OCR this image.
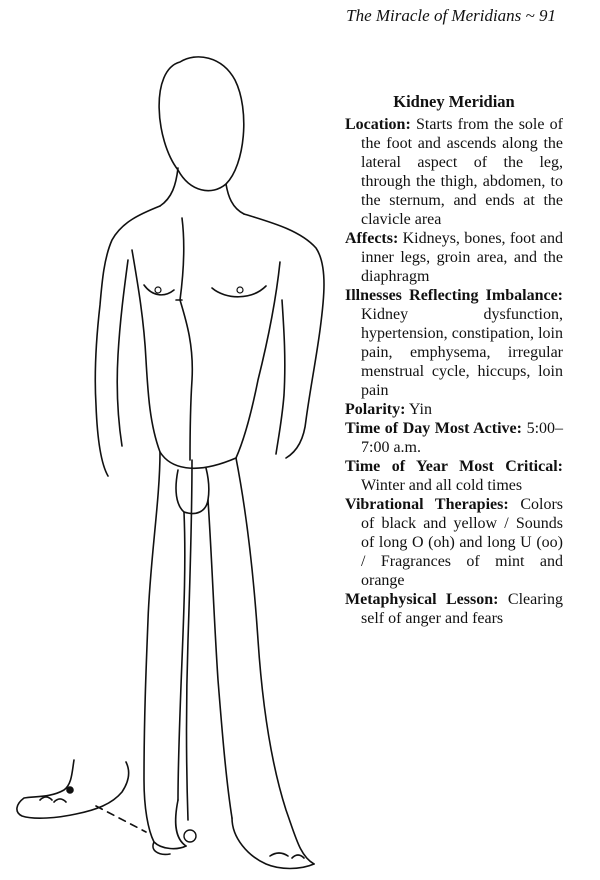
The Miracle of Meridians ~ 91
Kidney Meridian

Location: Starts from the sole of the foot and ascends along the lateral aspect of the leg, through the thigh, abdomen, to the sternum, and ends at the clavicle area

Affects: Kidneys, bones, foot and inner legs, groin area, and the diaphragm

Illnesses Reflecting Imbalance: Kidney dysfunction, hypertension, constipation, loin pain, emphysema, irregular menstrual cycle, hiccups, loin pain

Polarity: Yin

Time of Day Most Active: 5:00–7:00 a.m.

Time of Year Most Critical: Winter and all cold times

Vibrational Therapies: Colors of black and yellow / Sounds of long O (oh) and long U (oo) / Fragrances of mint and orange

Metaphysical Lesson: Clearing self of anger and fears
